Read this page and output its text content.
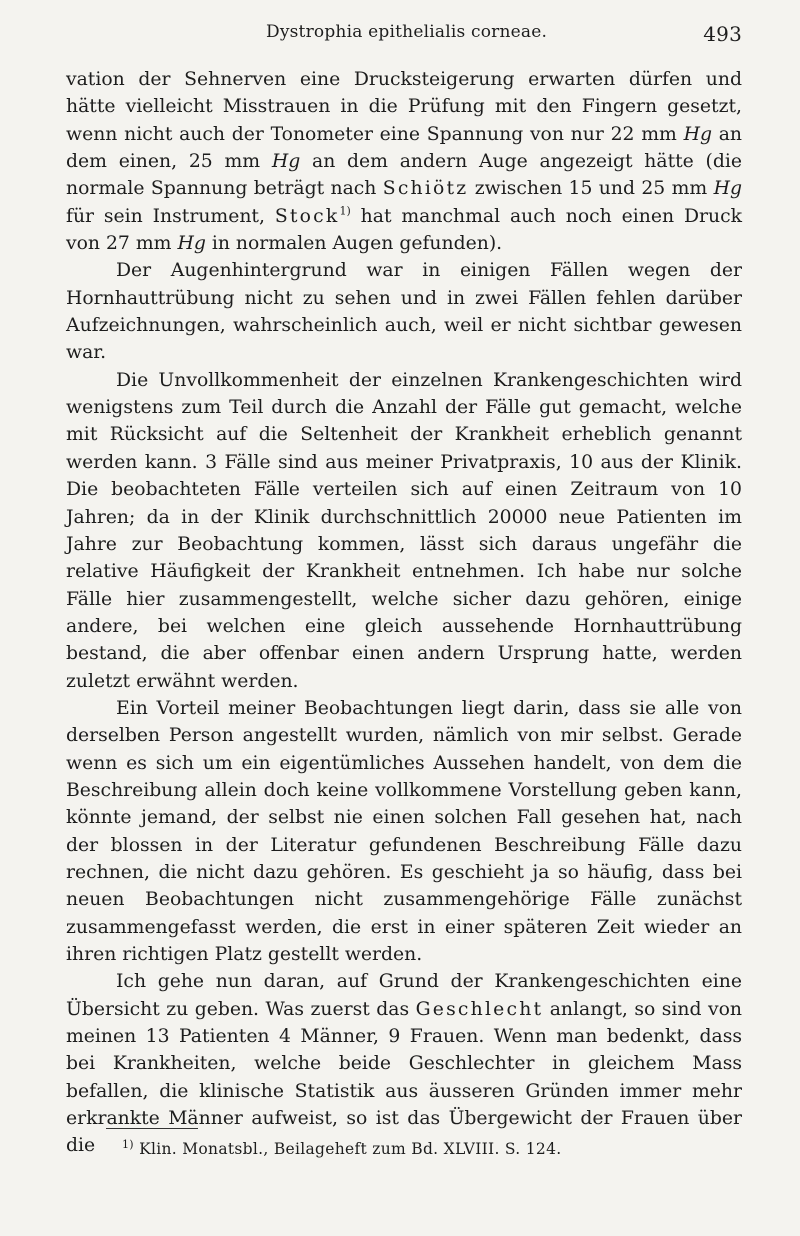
Dystrophia epithelialis corneae.	493

vation der Sehnerven eine Drucksteigerung erwarten dürfen und hätte vielleicht Misstrauen in die Prüfung mit den Fingern gesetzt, wenn nicht auch der Tonometer eine Spannung von nur 22 mm Hg an dem einen, 25 mm Hg an dem andern Auge angezeigt hätte (die normale Spannung beträgt nach Schiötz zwischen 15 und 25 mm Hg für sein Instrument, Stock$^{1)}$ hat manchmal auch noch einen Druck von 27 mm Hg in normalen Augen gefunden).

Der Augenhintergrund war in einigen Fällen wegen der Hornhauttrübung nicht zu sehen und in zwei Fällen fehlen darüber Aufzeichnungen, wahrscheinlich auch, weil er nicht sichtbar gewesen war.

Die Unvollkommenheit der einzelnen Krankengeschichten wird wenigstens zum Teil durch die Anzahl der Fälle gut gemacht, welche mit Rücksicht auf die Seltenheit der Krankheit erheblich genannt werden kann. 3 Fälle sind aus meiner Privatpraxis, 10 aus der Klinik. Die beobachteten Fälle verteilen sich auf einen Zeitraum von 10 Jahren; da in der Klinik durchschnittlich 20000 neue Patienten im Jahre zur Beobachtung kommen, lässt sich daraus ungefähr die relative Häufigkeit der Krankheit entnehmen. Ich habe nur solche Fälle hier zusammengestellt, welche sicher dazu gehören, einige andere, bei welchen eine gleich aussehende Hornhauttrübung bestand, die aber offenbar einen andern Ursprung hatte, werden zuletzt erwähnt werden.

Ein Vorteil meiner Beobachtungen liegt darin, dass sie alle von derselben Person angestellt wurden, nämlich von mir selbst. Gerade wenn es sich um ein eigentümliches Aussehen handelt, von dem die Beschreibung allein doch keine vollkommene Vorstellung geben kann, könnte jemand, der selbst nie einen solchen Fall gesehen hat, nach der blossen in der Literatur gefundenen Beschreibung Fälle dazu rechnen, die nicht dazu gehören. Es geschieht ja so häufig, dass bei neuen Beobachtungen nicht zusammengehörige Fälle zunächst zusammengefasst werden, die erst in einer späteren Zeit wieder an ihren richtigen Platz gestellt werden.

Ich gehe nun daran, auf Grund der Krankengeschichten eine Übersicht zu geben. Was zuerst das Geschlecht anlangt, so sind von meinen 13 Patienten 4 Männer, 9 Frauen. Wenn man bedenkt, dass bei Krankheiten, welche beide Geschlechter in gleichem Mass befallen, die klinische Statistik aus äusseren Gründen immer mehr erkrankte Männer aufweist, so ist das Übergewicht der Frauen über die	$^{1)}$ Klin. Monatsbl., Beilageheft zum Bd. XLVIII. S. 124.
